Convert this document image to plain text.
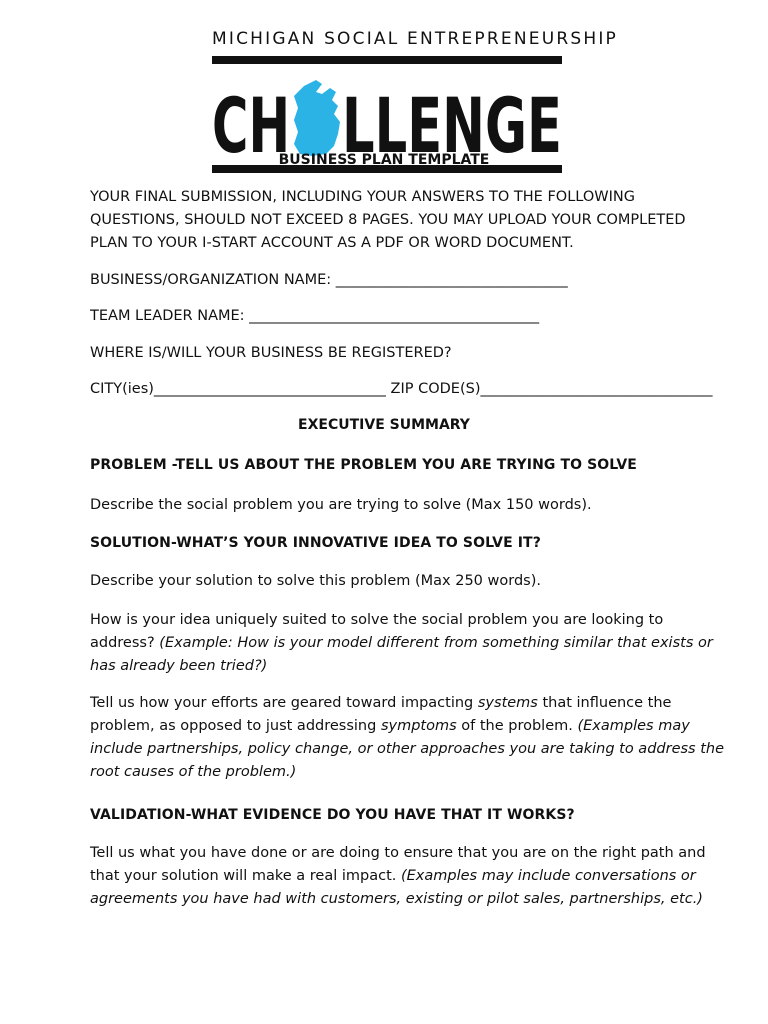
MICHIGAN SOCIAL ENTREPRENEURSHIP
CH LLENGE
BUSINESS PLAN TEMPLATE
YOUR FINAL SUBMISSION, INCLUDING YOUR ANSWERS TO THE FOLLOWING
QUESTIONS, SHOULD NOT EXCEED 8 PAGES. YOU MAY UPLOAD YOUR COMPLETED
PLAN TO YOUR I-START ACCOUNT AS A PDF OR WORD DOCUMENT.
BUSINESS/ORGANIZATION NAME: ________________________________
TEAM LEADER NAME: ________________________________________
WHERE IS/WILL YOUR BUSINESS BE REGISTERED?
CITY(ies)________________________________ ZIP CODE(S)________________________________
EXECUTIVE SUMMARY
PROBLEM -TELL US ABOUT THE PROBLEM YOU ARE TRYING TO SOLVE
Describe the social problem you are trying to solve (Max 150 words).
SOLUTION-WHAT’S YOUR INNOVATIVE IDEA TO SOLVE IT?
Describe your solution to solve this problem (Max 250 words).
How is your idea uniquely suited to solve the social problem you are looking to
address? (Example: How is your model different from something similar that exists or
has already been tried?)
Tell us how your efforts are geared toward impacting systems that influence the
problem, as opposed to just addressing symptoms of the problem. (Examples may
include partnerships, policy change, or other approaches you are taking to address the
root causes of the problem.)
VALIDATION-WHAT EVIDENCE DO YOU HAVE THAT IT WORKS?
Tell us what you have done or are doing to ensure that you are on the right path and
that your solution will make a real impact. (Examples may include conversations or
agreements you have had with customers, existing or pilot sales, partnerships, etc.)
